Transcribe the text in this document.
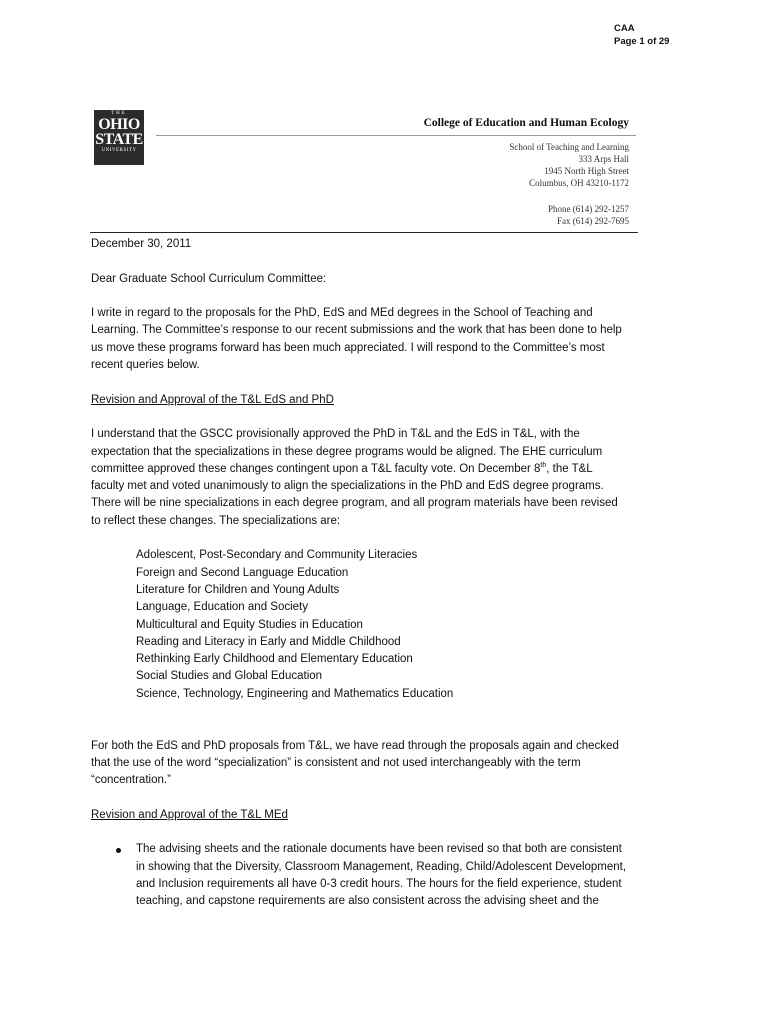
CAA
Page 1 of 29
THE
OHIO
STATE
UNIVERSITY
College of Education and Human Ecology
School of Teaching and Learning
333 Arps Hall
1945 North High Street
Columbus, OH 43210-1172
Phone (614) 292-1257
Fax (614) 292-7695

December 30, 2011

Dear Graduate School Curriculum Committee:

I write in regard to the proposals for the PhD, EdS and MEd degrees in the School of Teaching and
Learning. The Committee’s response to our recent submissions and the work that has been done to help
us move these programs forward has been much appreciated. I will respond to the Committee’s most
recent queries below.

Revision and Approval of the T&L EdS and PhD

I understand that the GSCC provisionally approved the PhD in T&L and the EdS in T&L, with the
expectation that the specializations in these degree programs would be aligned. The EHE curriculum
committee approved these changes contingent upon a T&L faculty vote. On December 8th, the T&L
faculty met and voted unanimously to align the specializations in the PhD and EdS degree programs.
There will be nine specializations in each degree program, and all program materials have been revised
to reflect these changes. The specializations are:
Adolescent, Post-Secondary and Community Literacies
Foreign and Second Language Education
Literature for Children and Young Adults
Language, Education and Society
Multicultural and Equity Studies in Education
Reading and Literacy in Early and Middle Childhood
Rethinking Early Childhood and Elementary Education
Social Studies and Global Education
Science, Technology, Engineering and Mathematics Education
For both the EdS and PhD proposals from T&L, we have read through the proposals again and checked
that the use of the word “specialization” is consistent and not used interchangeably with the term
“concentration.”

Revision and Approval of the T&L MEd

The advising sheets and the rationale documents have been revised so that both are consistent
in showing that the Diversity, Classroom Management, Reading, Child/Adolescent Development,
and Inclusion requirements all have 0-3 credit hours. The hours for the field experience, student
teaching, and capstone requirements are also consistent across the advising sheet and the
